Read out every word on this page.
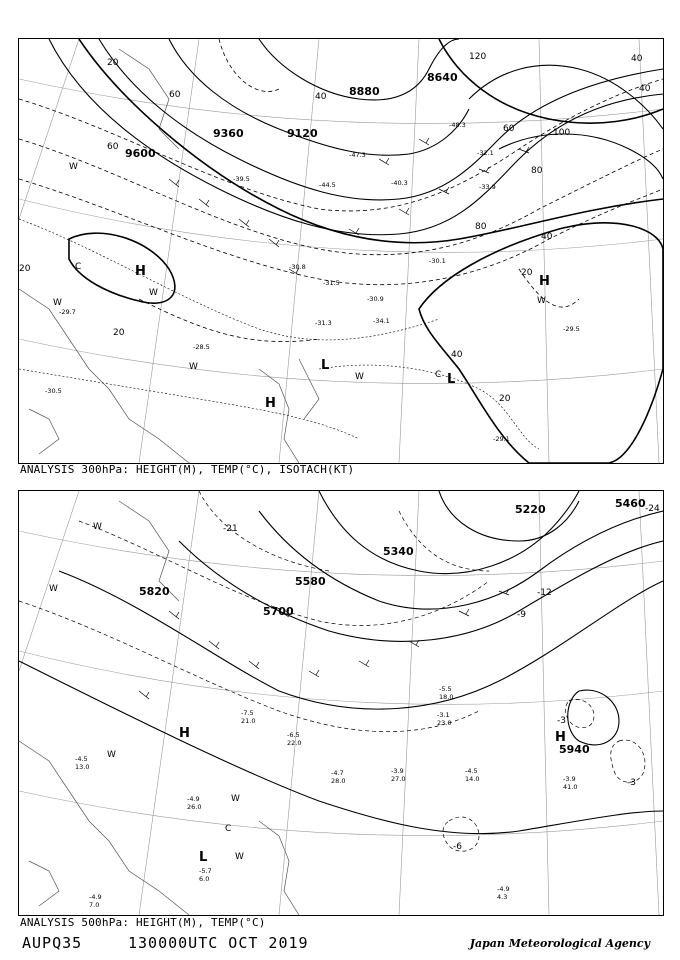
9360	9120
8880
8640
9600
20
20
20
20
20
40
40
40
40
40
60
60
60
80
80
100
120
-29.7
-30.9
-31.3
-29.5
-30.5
-29.1
-31.5
-34.1
-30.1
-48.3
-44.5
-47.3
-40.3
-32.1
-39.5
-30.8
-33.9
-28.5
H
H
H
L
L
C
C
W
W
W
W
W
W
ANALYSIS 300hPa: HEIGHT(M), TEMP(°C), ISOTACH(KT)
5820
5580
5700
5940
5460
5340
5220
-3
-3
-6
-21
-24
-9
-12
-4.5
14.0	-3.9
41.0
-4.9
4.3
-4.9
7.0
-5.7
6.0
-4.9
26.0
-4.7
28.0
-3.9
27.0
-3.1
23.0
-5.5
18.0
-6.5
22.0
-7.5
21.0
-4.5
13.0
H	H
L
C
W
W
W
W
W
ANALYSIS 500hPa: HEIGHT(M), TEMP(°C)
AUPQ35	130000UTC OCT 2019	Japan Meteorological Agency
